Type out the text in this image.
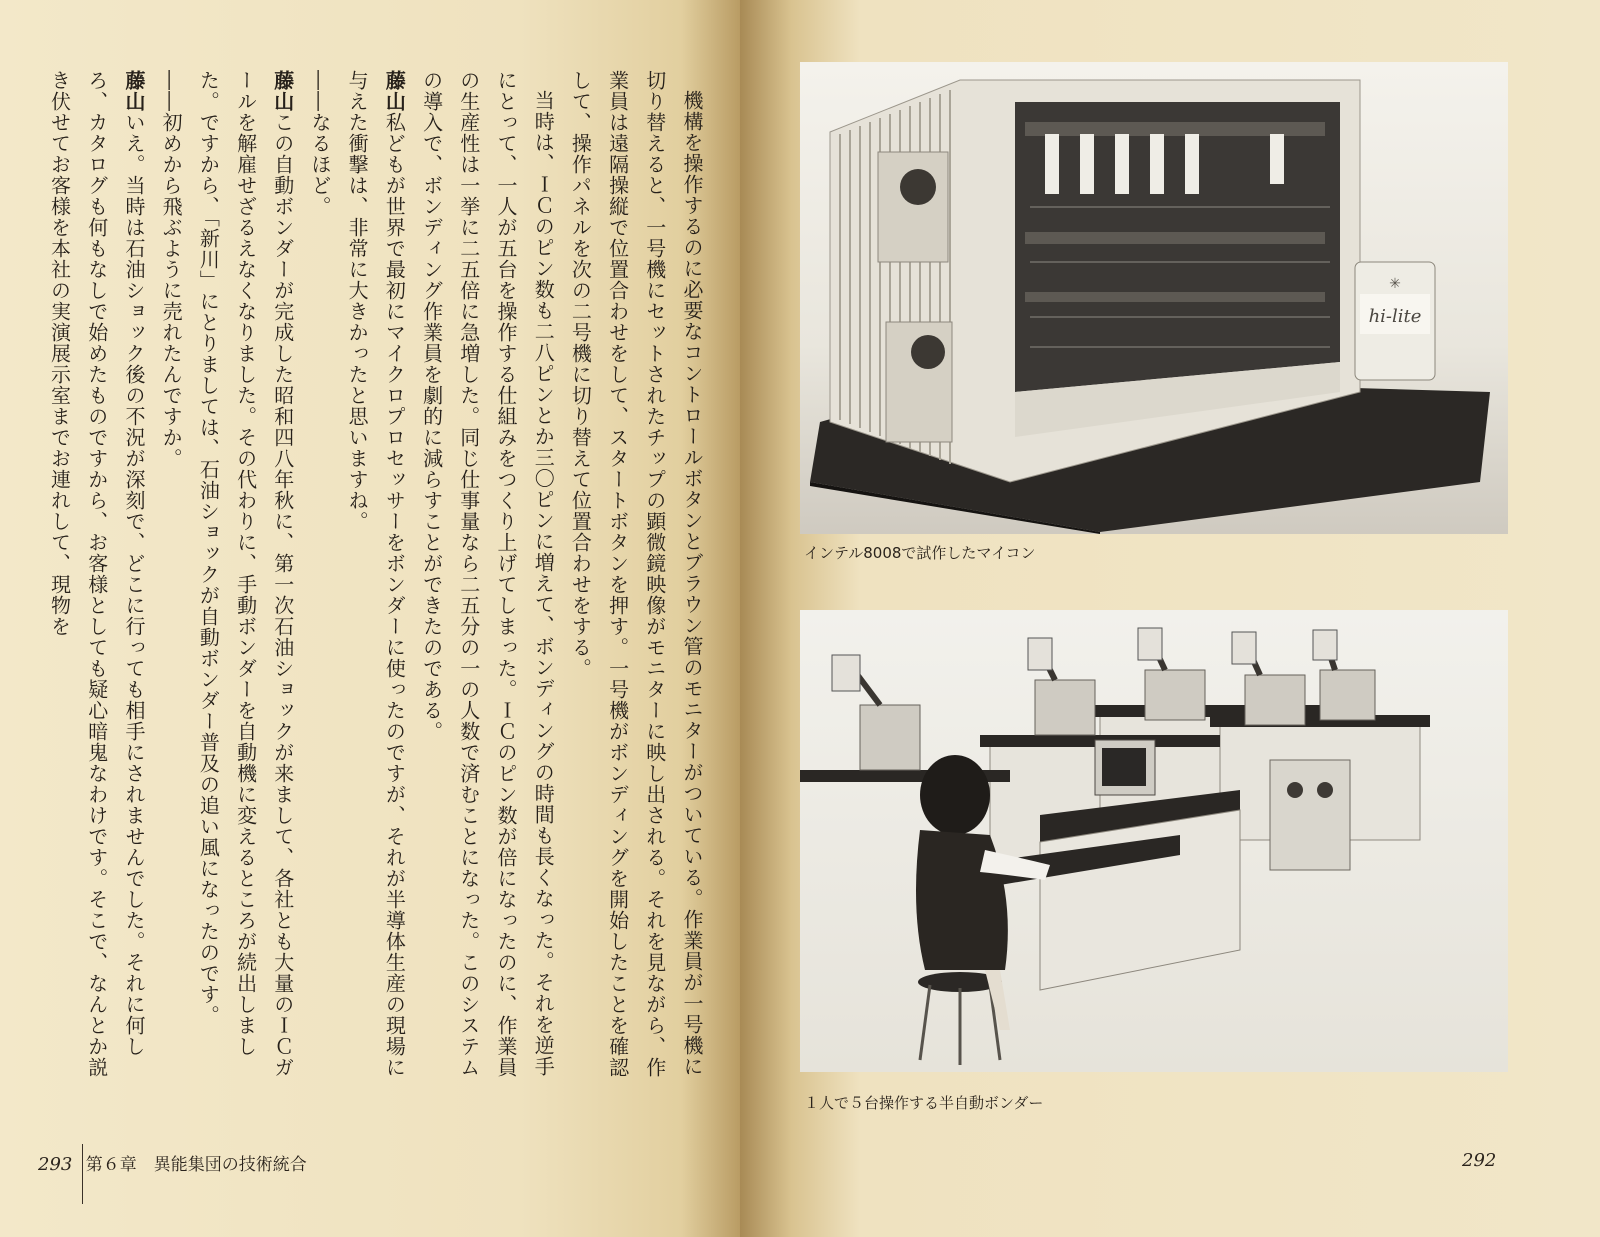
機構を操作するのに必要なコントロールボタンとブラウン管のモニターがついている。作業員が一号機に切り替えると、一号機にセットされたチップの顕微鏡映像がモニターに映し出される。それを見ながら、作業員は遠隔操縦で位置合わせをして、スタートボタンを押す。一号機がボンディングを開始したことを確認して、操作パネルを次の二号機に切り替えて位置合わせをする。

当時は、ＩＣのピン数も二八ピンとか三〇ピンに増えて、ボンディングの時間も長くなった。それを逆手にとって、一人が五台を操作する仕組みをつくり上げてしまった。ＩＣのピン数が倍になったのに、作業員の生産性は一挙に二五倍に急増した。同じ仕事量なら二五分の一の人数で済むことになった。このシステムの導入で、ボンディング作業員を劇的に減らすことができたのである。

藤山私どもが世界で最初にマイクロプロセッサーをボンダーに使ったのですが、それが半導体生産の現場に与えた衝撃は、非常に大きかったと思いますね。

――なるほど。

藤山この自動ボンダーが完成した昭和四八年秋に、第一次石油ショックが来まして、各社とも大量のＩＣガールを解雇せざるえなくなりました。その代わりに、手動ボンダーを自動機に変えるところが続出しました。ですから、「新川」にとりましては、石油ショックが自動ボンダー普及の追い風になったのです。

――初めから飛ぶように売れたんですか。

藤山いえ。当時は石油ショック後の不況が深刻で、どこに行っても相手にされませんでした。それに何しろ、カタログも何もなしで始めたものですから、お客様としても疑心暗鬼なわけです。そこで、なんとか説き伏せてお客様を本社の実演展示室までお連れして、現物を

293 第６章　異能集団の技術統合
hi-lite
✳
インテル8008で試作したマイコン
１人で５台操作する半自動ボンダー
292
